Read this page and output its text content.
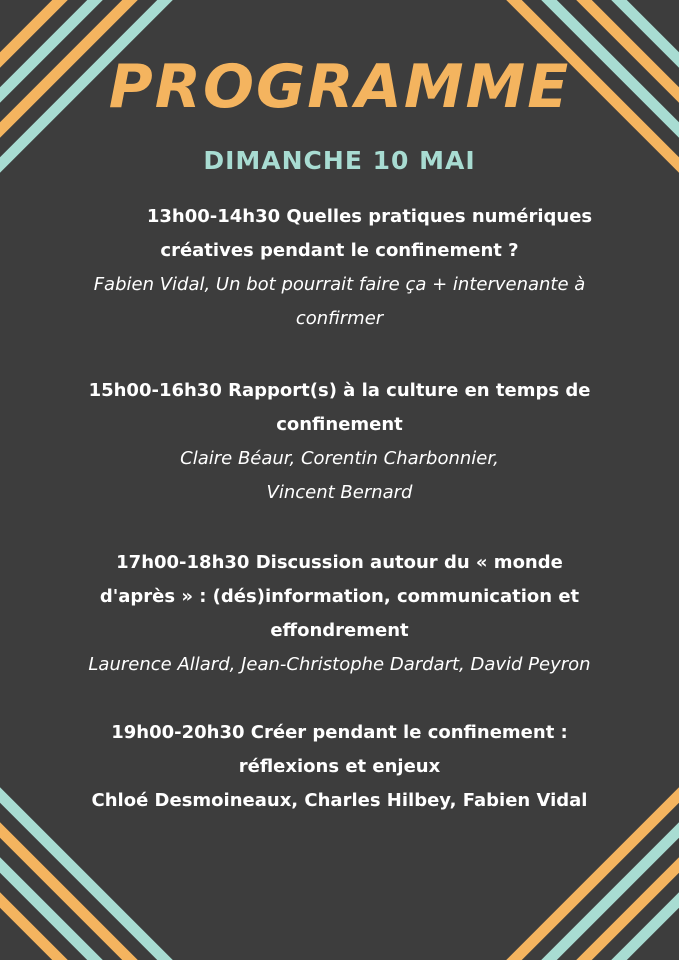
PROGRAMME
DIMANCHE 10 MAI
13h00-14h30 Quelles pratiques numériques
créatives pendant le confinement ?
Fabien Vidal, Un bot pourrait faire ça + intervenante à
confirmer
15h00-16h30 Rapport(s) à la culture en temps de
confinement
Claire Béaur, Corentin Charbonnier,
Vincent Bernard
17h00-18h30 Discussion autour du « monde
d'après » : (dés)information, communication et
effondrement
Laurence Allard, Jean-Christophe Dardart, David Peyron
19h00-20h30 Créer pendant le confinement :
réflexions et enjeux
Chloé Desmoineaux, Charles Hilbey, Fabien Vidal
